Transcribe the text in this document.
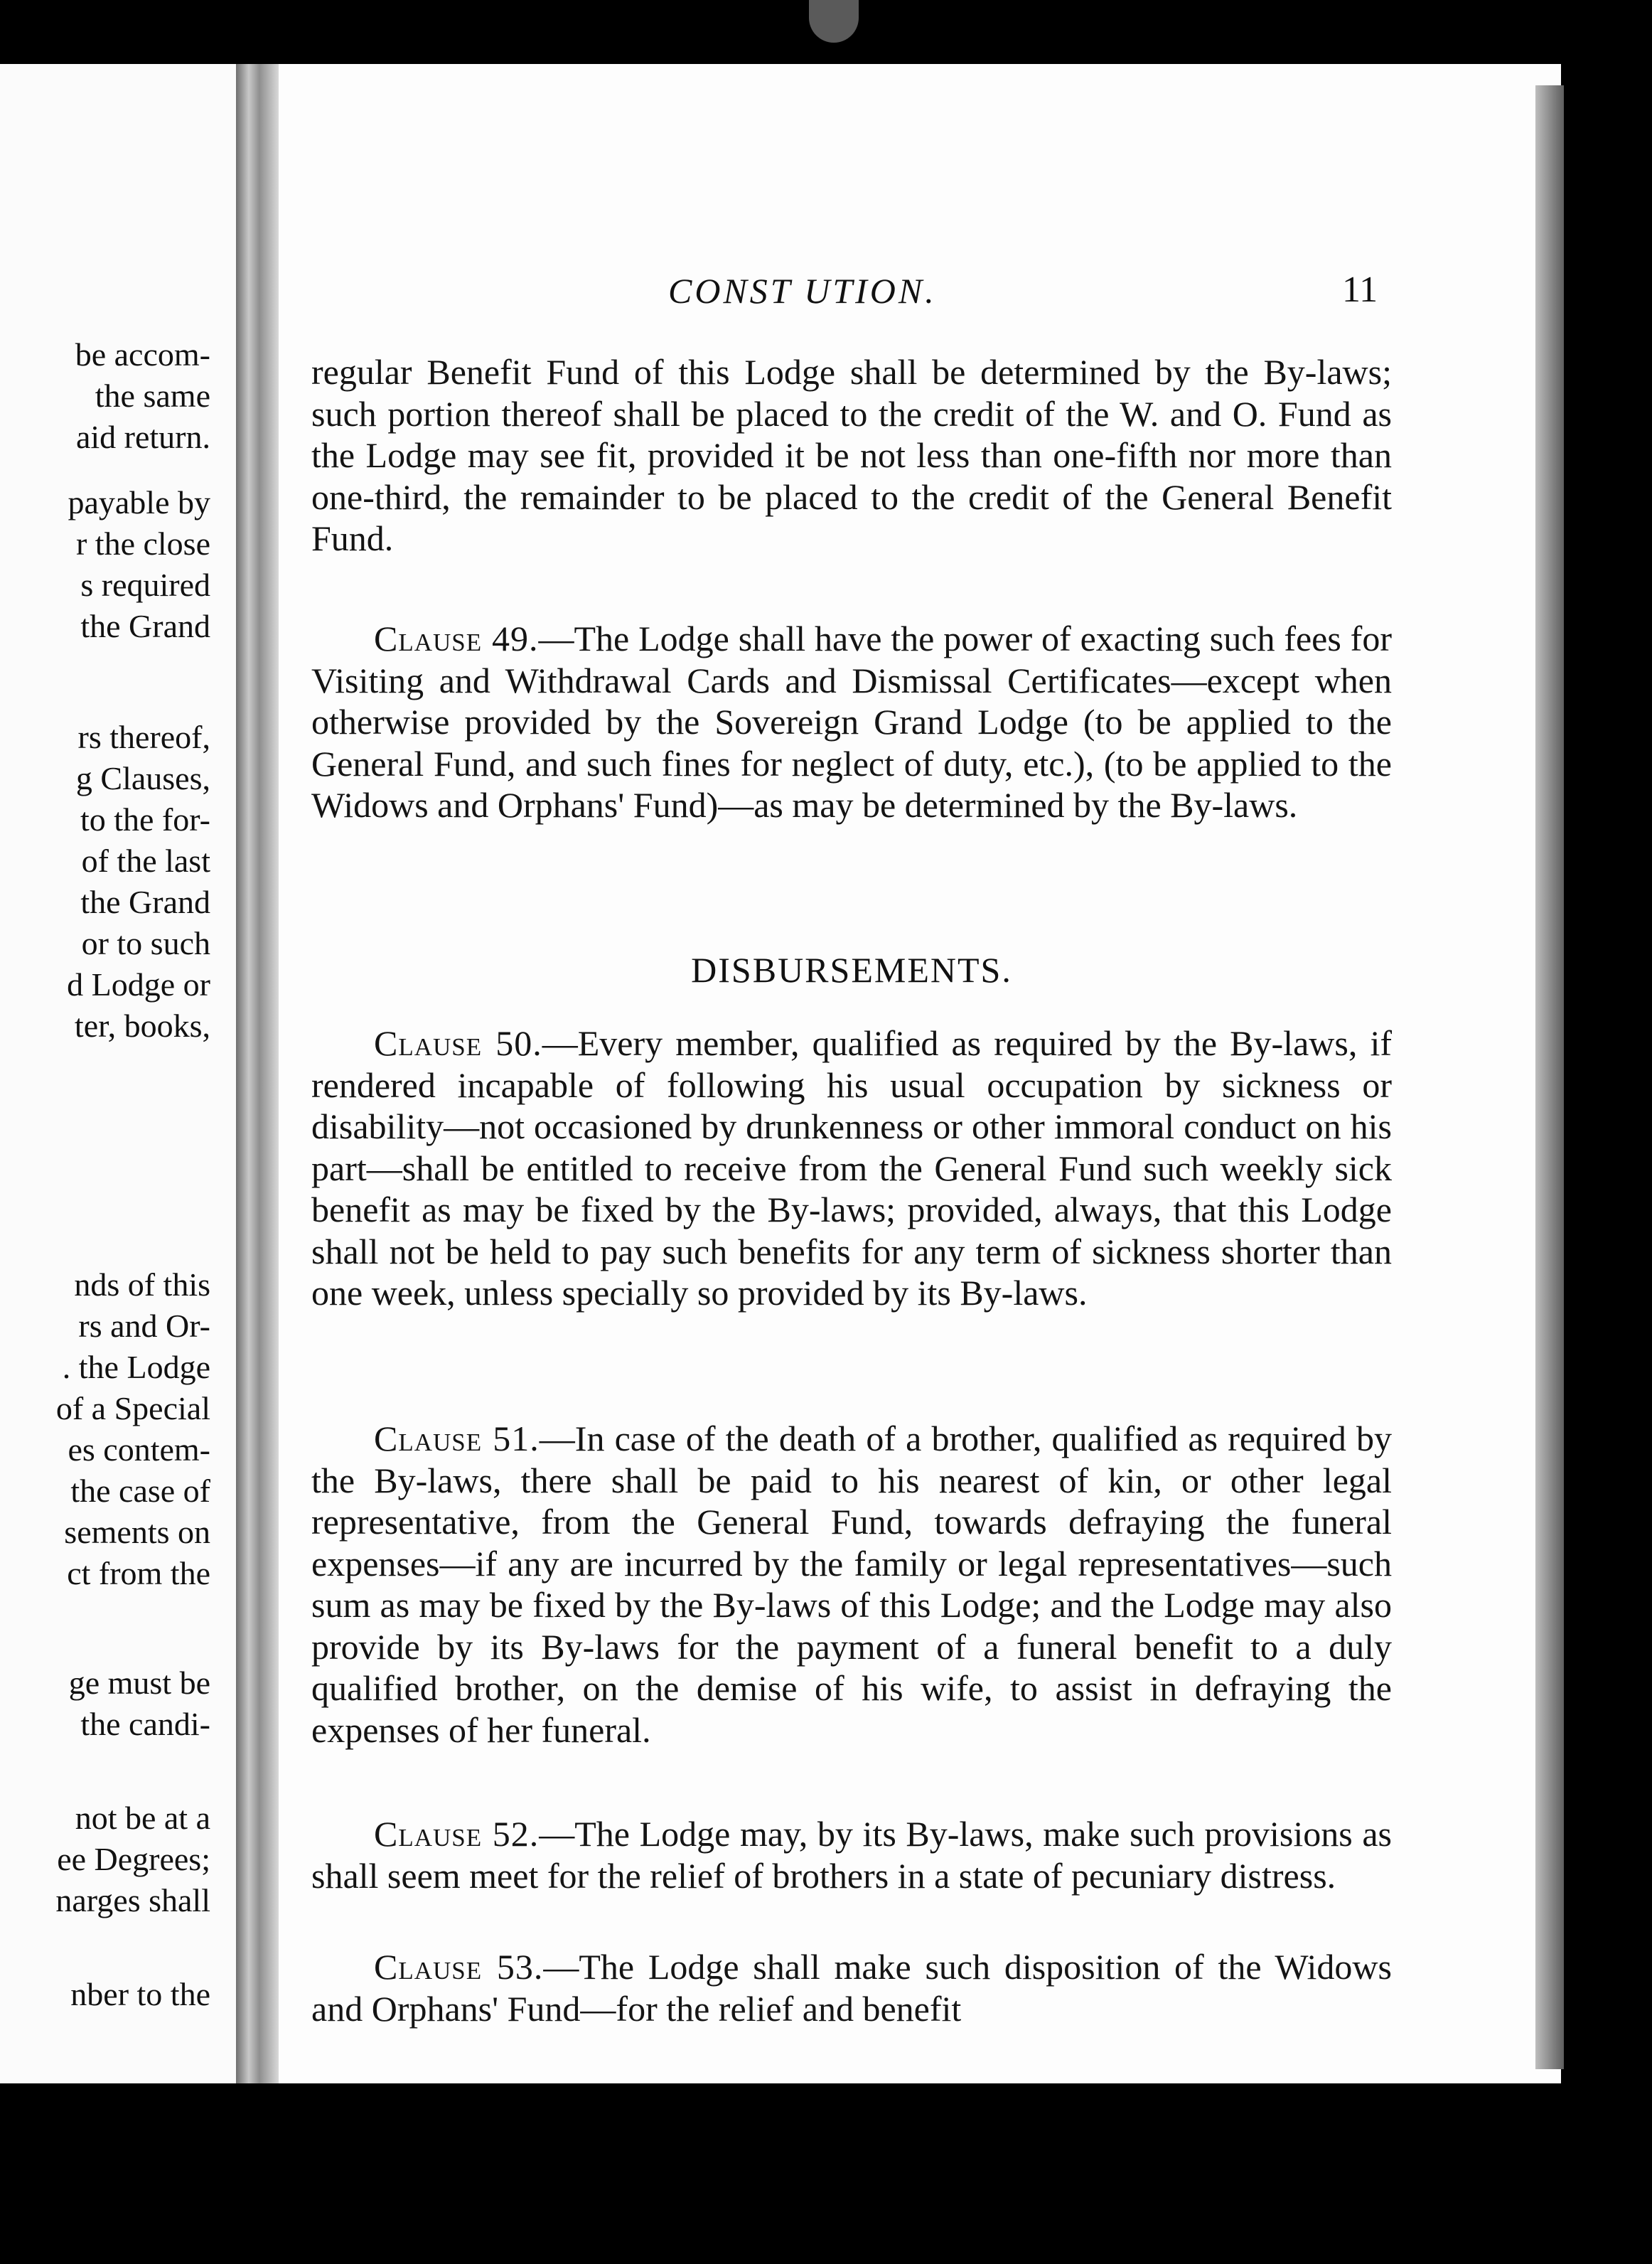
be accom-
the same
aid return.
payable by
r the close
s required
the Grand
rs thereof,
g Clauses,
to the for-
of the last
the Grand
or to such
d Lodge or
ter, books,
nds of this
rs and Or-
. the Lodge
of a Special
es contem-
the case of
sements on
ct from the
ge must be
the candi-
not be at a
ee Degrees;
narges shall
nber to the
CONST UTION.	11
regular Benefit Fund of this Lodge shall be determined by the By-laws; such portion thereof shall be placed to the credit of the W. and O. Fund as the Lodge may see fit, provided it be not less than one-fifth nor more than one-third, the remainder to be placed to the credit of the General Benefit Fund.
Clause 49.—The Lodge shall have the power of exacting such fees for Visiting and Withdrawal Cards and Dismissal Certificates—except when otherwise provided by the Sovereign Grand Lodge (to be applied to the General Fund, and such fines for neglect of duty, etc.), (to be applied to the Widows and Orphans' Fund)—as may be determined by the By-laws.
DISBURSEMENTS.
Clause 50.—Every member, qualified as required by the By-laws, if rendered incapable of following his usual occupation by sickness or disability—not occasioned by drunkenness or other immoral conduct on his part—shall be entitled to receive from the General Fund such weekly sick benefit as may be fixed by the By-laws; provided, always, that this Lodge shall not be held to pay such benefits for any term of sickness shorter than one week, unless specially so provided by its By-laws.
Clause 51.—In case of the death of a brother, qualified as required by the By-laws, there shall be paid to his nearest of kin, or other legal representative, from the General Fund, towards defraying the funeral expenses—if any are incurred by the family or legal representatives—such sum as may be fixed by the By-laws of this Lodge; and the Lodge may also provide by its By-laws for the payment of a funeral benefit to a duly qualified brother, on the demise of his wife, to assist in defraying the expenses of her funeral.
Clause 52.—The Lodge may, by its By-laws, make such provisions as shall seem meet for the relief of brothers in a state of pecuniary distress.
Clause 53.—The Lodge shall make such disposition of the Widows and Orphans' Fund—for the relief and benefit
